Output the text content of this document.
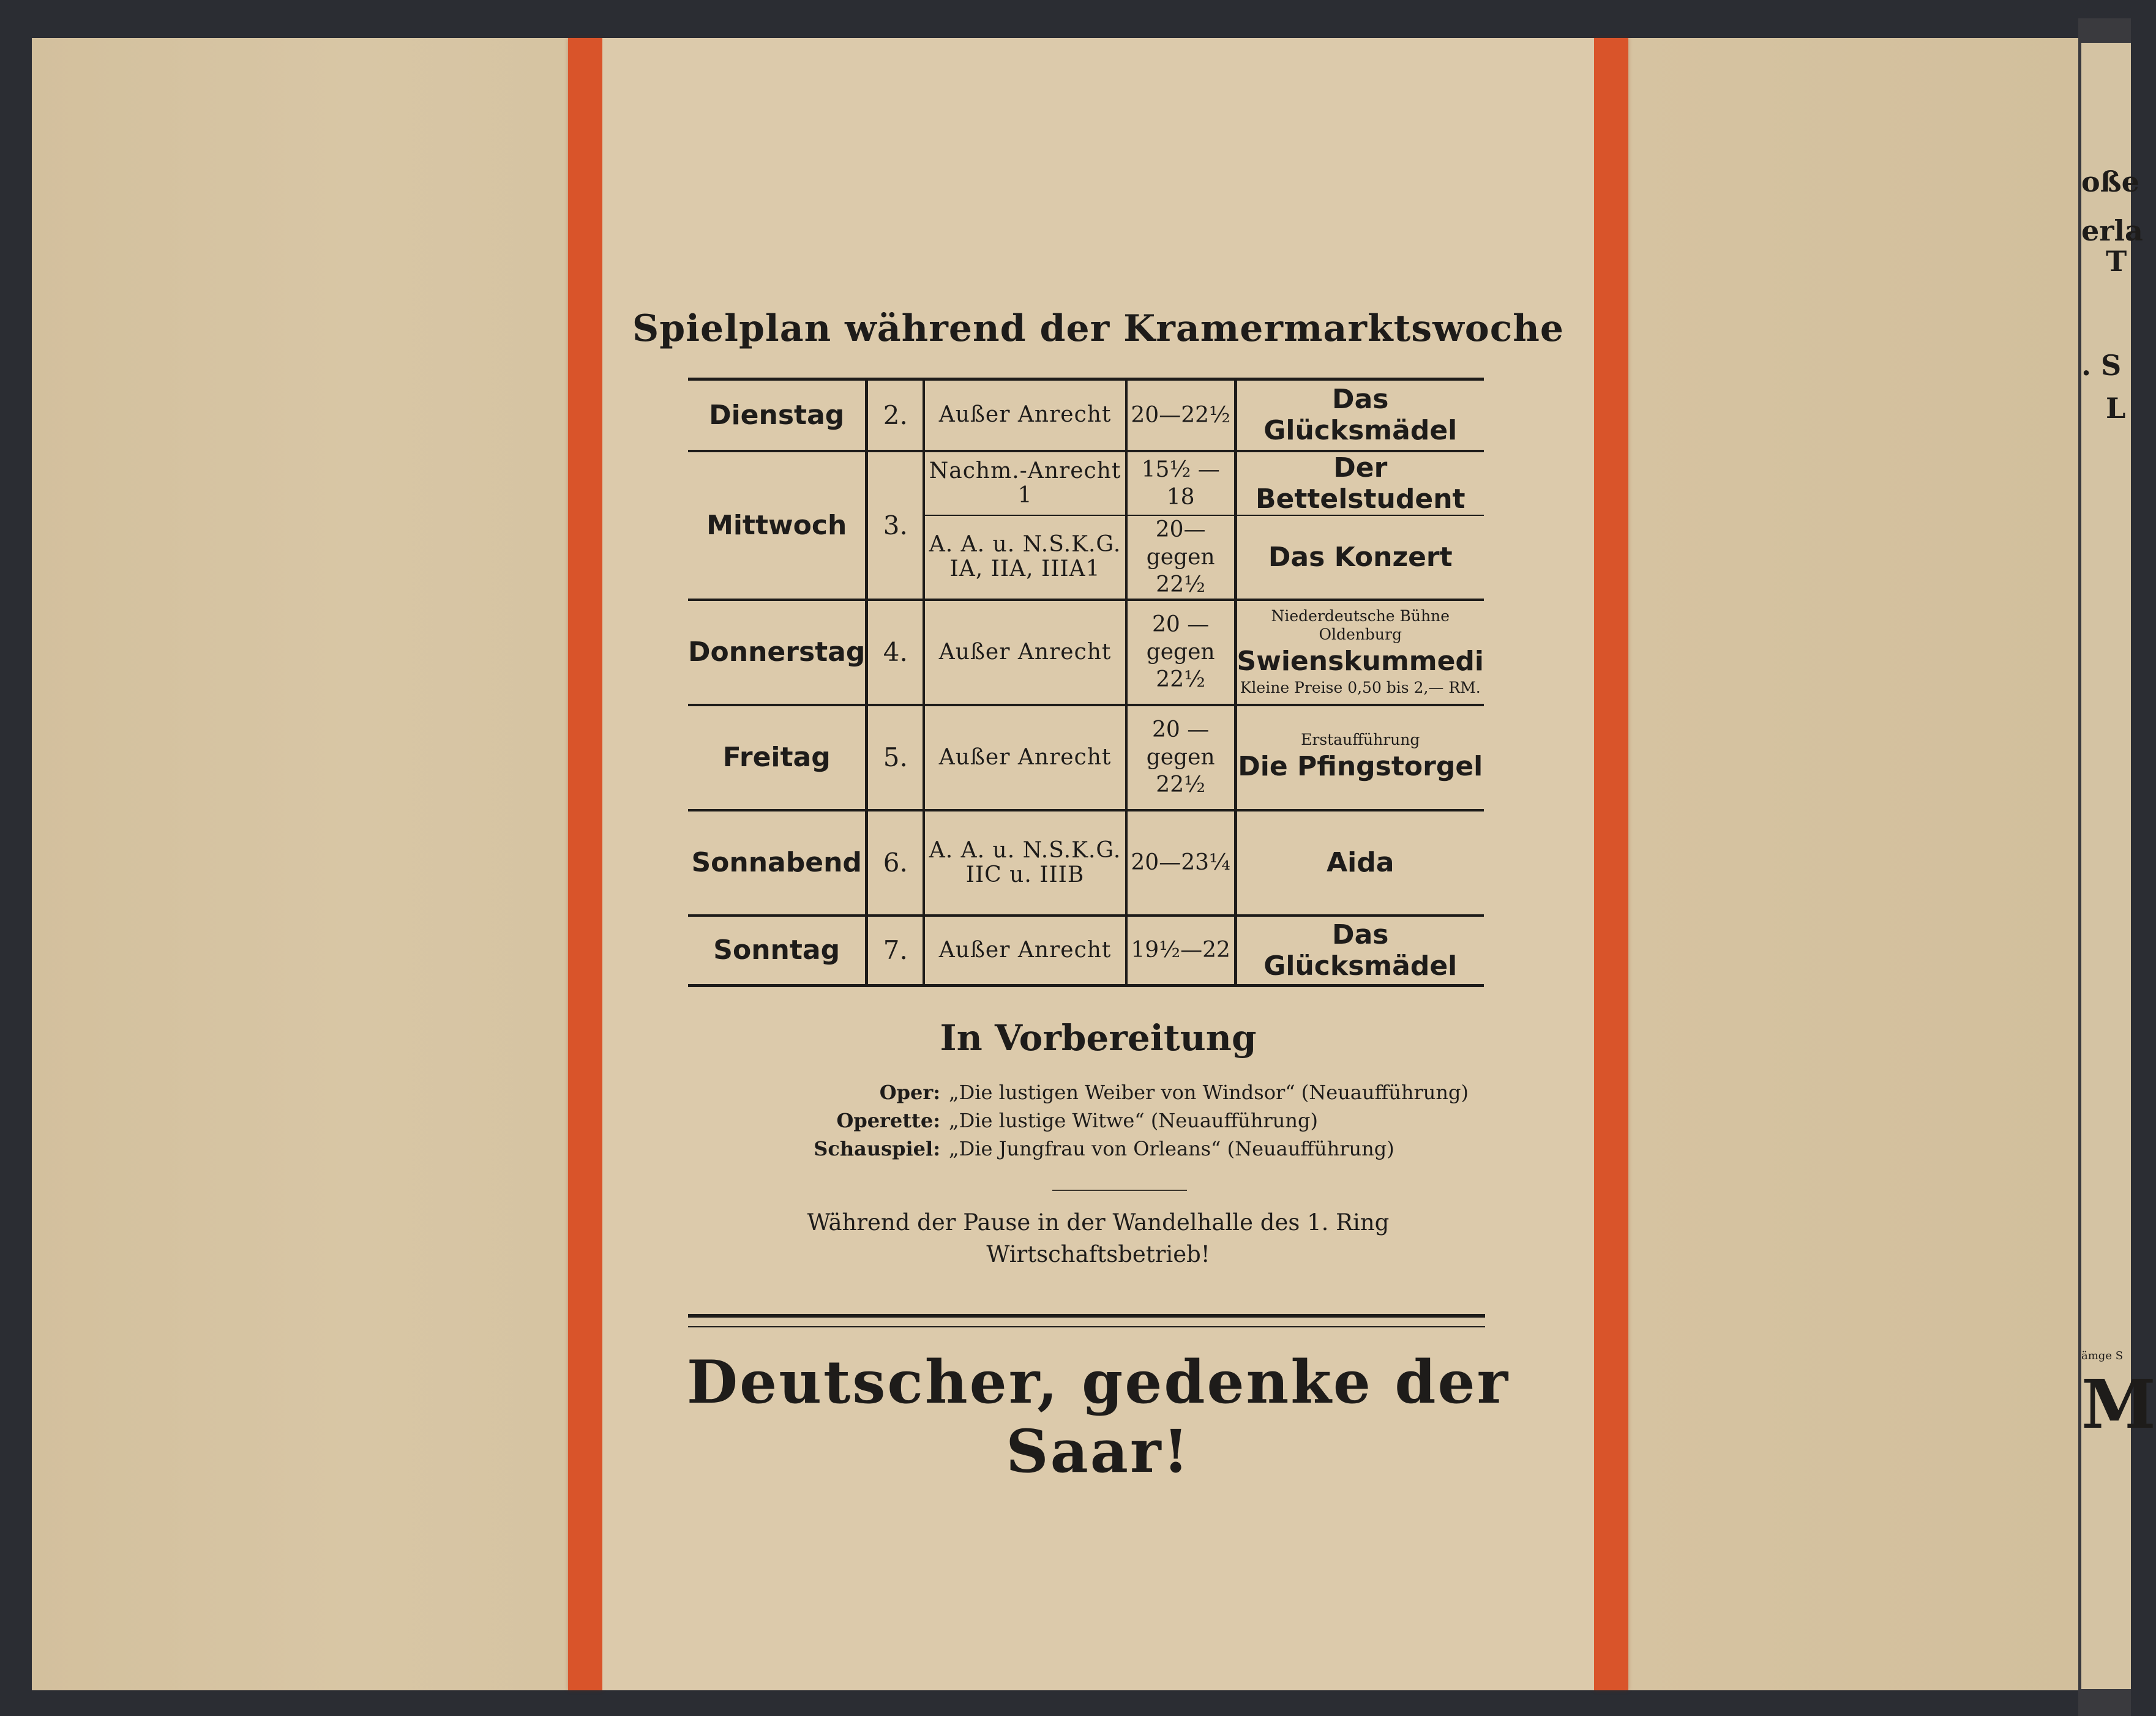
oße
erla
T
. S
L
ämge S
M
Spielplan während der Kramermarktswoche
Dienstag	2.	Außer Anrecht	20—22½	Das Glücksmädel
Mittwoch	3.	Nachm.-Anrecht 1	15½ —18	Der Bettelstudent
		A. A. u. N.S.K.G. IA, IIA, IIIA1	20—gegen 22½	Das Konzert
Donnerstag	4.	Außer Anrecht	20 — gegen 22½	Niederdeutsche Bühne Oldenburg
Swienskummedi
Kleine Preise 0,50 bis 2,— RM.

Freitag	5.	Außer Anrecht	20 — gegen 22½	Erstaufführung
Die Pfingstorgel

Sonnabend	6.	A. A. u. N.S.K.G. IIC u. IIIB	20—23¼	Aida
Sonntag	7.	Außer Anrecht	19½—22	Das Glücksmädel
In Vorbereitung
Oper: „Die lustigen Weiber von Windsor“ (Neuaufführung)
Operette: „Die lustige Witwe“ (Neuaufführung)
Schauspiel: „Die Jungfrau von Orleans“ (Neuaufführung)
Während der Pause in der Wandelhalle des 1. Ring
Wirtschaftsbetrieb!
Deutscher, gedenke der Saar!
